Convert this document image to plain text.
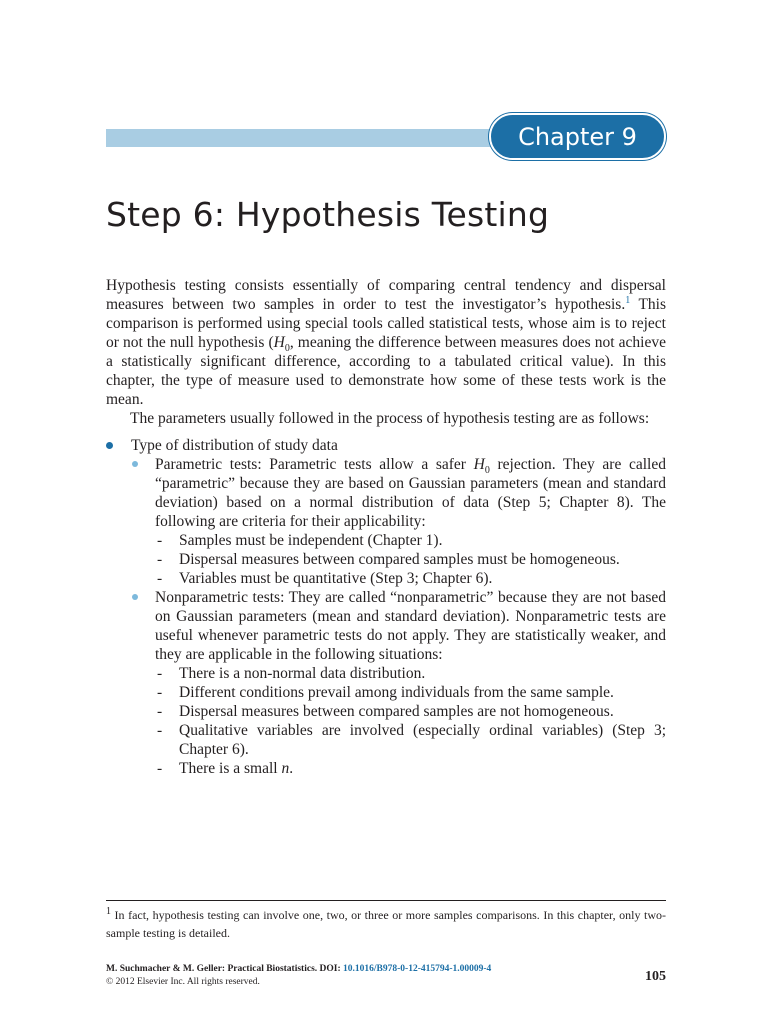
Chapter 9
Step 6: Hypothesis Testing

Hypothesis testing consists essentially of comparing central tendency and dispersal measures between two samples in order to test the investigator’s hypothesis.$^1$ This comparison is performed using special tools called statistical tests, whose aim is to reject or not the null hypothesis ($H_0$, meaning the difference between measures does not achieve a statistically significant difference, according to a tabulated critical value). In this chapter, the type of measure used to demonstrate how some of these tests work is the mean.

The parameters usually followed in the process of hypothesis testing are as follows:

Type of distribution of study data
Parametric tests: Parametric tests allow a safer $H_0$ rejection. They are called “parametric” because they are based on Gaussian parameters (mean and standard deviation) based on a normal distribution of data (Step 5; Chapter 8). The following are criteria for their applicability:
- Samples must be independent (Chapter 1).
- Dispersal measures between compared samples must be homogeneous.
- Variables must be quantitative (Step 3; Chapter 6).
Nonparametric tests: They are called “nonparametric” because they are not based on Gaussian parameters (mean and standard deviation). Nonparametric tests are useful whenever parametric tests do not apply. They are statistically weaker, and they are applicable in the following situations:
- There is a non-normal data distribution.
- Different conditions prevail among individuals from the same sample.
- Dispersal measures between compared samples are not homogeneous.
- Qualitative variables are involved (especially ordinal variables) (Step 3; Chapter 6).
- There is a small n.
$^1$ In fact, hypothesis testing can involve one, two, or three or more samples comparisons. In this chapter, only two-sample testing is detailed.
M. Suchmacher & M. Geller: Practical Biostatistics. DOI: 10.1016/B978-0-12-415794-1.00009-4
© 2012 Elsevier Inc. All rights reserved.	105
